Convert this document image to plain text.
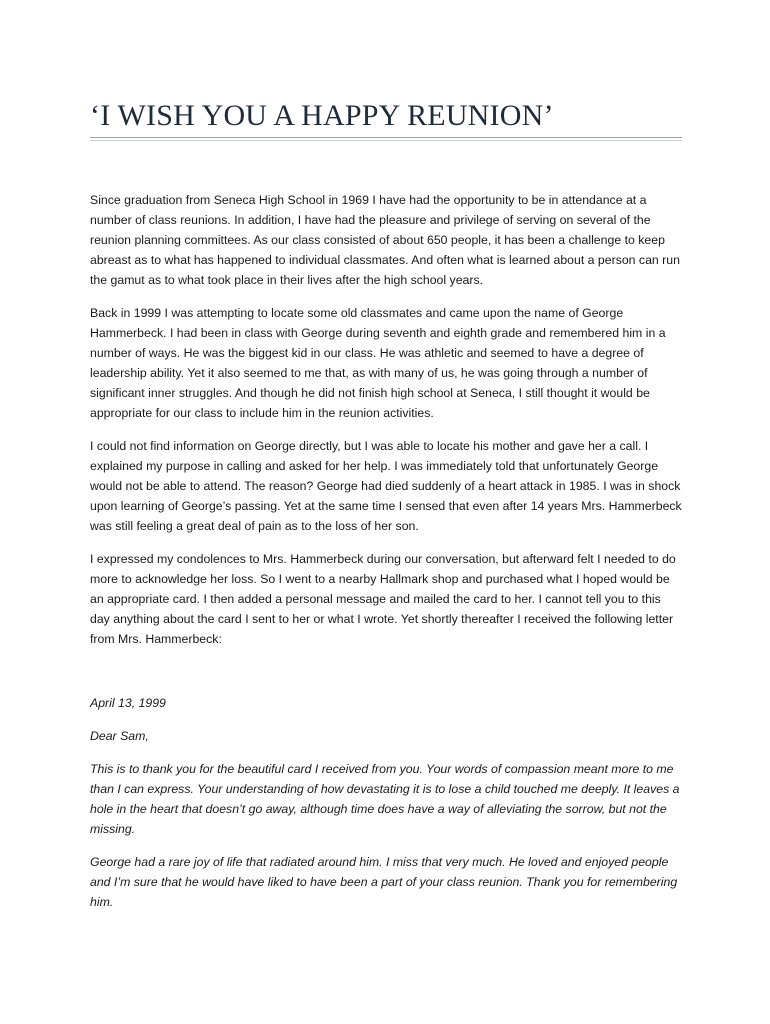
‘I WISH YOU A HAPPY REUNION’

Since graduation from Seneca High School in 1969 I have had the opportunity to be in attendance at a number of class reunions. In addition, I have had the pleasure and privilege of serving on several of the reunion planning committees. As our class consisted of about 650 people, it has been a challenge to keep abreast as to what has happened to individual classmates. And often what is learned about a person can run the gamut as to what took place in their lives after the high school years.

Back in 1999 I was attempting to locate some old classmates and came upon the name of George Hammerbeck. I had been in class with George during seventh and eighth grade and remembered him in a number of ways. He was the biggest kid in our class. He was athletic and seemed to have a degree of leadership ability. Yet it also seemed to me that, as with many of us, he was going through a number of significant inner struggles. And though he did not finish high school at Seneca, I still thought it would be appropriate for our class to include him in the reunion activities.

I could not find information on George directly, but I was able to locate his mother and gave her a call. I explained my purpose in calling and asked for her help. I was immediately told that unfortunately George would not be able to attend. The reason? George had died suddenly of a heart attack in 1985. I was in shock upon learning of George’s passing. Yet at the same time I sensed that even after 14 years Mrs. Hammerbeck was still feeling a great deal of pain as to the loss of her son.

I expressed my condolences to Mrs. Hammerbeck during our conversation, but afterward felt I needed to do more to acknowledge her loss. So I went to a nearby Hallmark shop and purchased what I hoped would be an appropriate card. I then added a personal message and mailed the card to her. I cannot tell you to this day anything about the card I sent to her or what I wrote. Yet shortly thereafter I received the following letter from Mrs. Hammerbeck:

April 13, 1999

Dear Sam,

This is to thank you for the beautiful card I received from you. Your words of compassion meant more to me than I can express. Your understanding of how devastating it is to lose a child touched me deeply. It leaves a hole in the heart that doesn’t go away, although time does have a way of alleviating the sorrow, but not the missing.

George had a rare joy of life that radiated around him. I miss that very much. He loved and enjoyed people and I’m sure that he would have liked to have been a part of your class reunion. Thank you for remembering him.
